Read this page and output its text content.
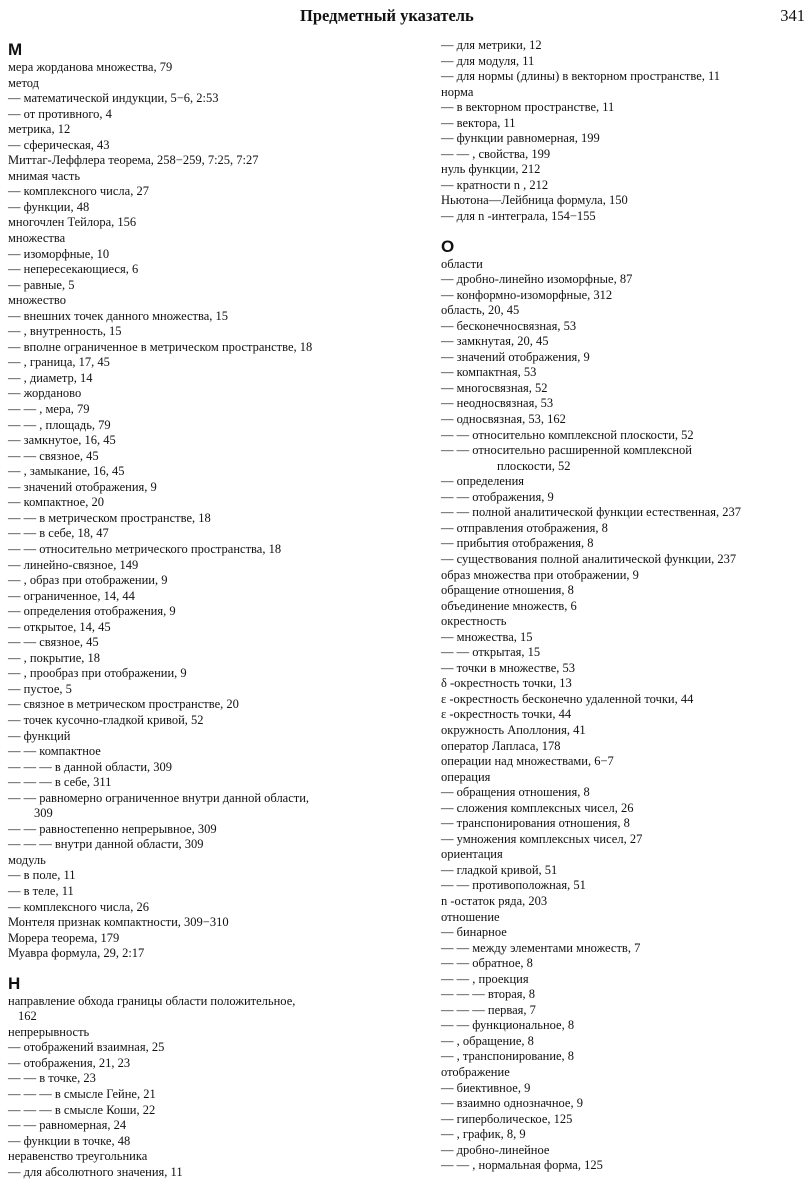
Предметный указатель	341
М
мера жорданова множества, 79
метод
— математической индукции, 5−6, 2:53
— от противного, 4
метрика, 12
— сферическая, 43
Миттаг-Леффлера теорема, 258−259, 7:25, 7:27
мнимая часть
— комплексного числа, 27
— функции, 48
многочлен Тейлора, 156
множества
— изоморфные, 10
— непересекающиеся, 6
— равные, 5
множество
— внешних точек данного множества, 15
— , внутренность, 15
— вполне ограниченное в метрическом пространстве, 18
— , граница, 17, 45
— , диаметр, 14
— жорданово
— — , мера, 79
— — , площадь, 79
— замкнутое, 16, 45
— — связное, 45
— , замыкание, 16, 45
— значений отображения, 9
— компактное, 20
— — в метрическом пространстве, 18
— — в себе, 18, 47
— — относительно метрического пространства, 18
— линейно-связное, 149
— , образ при отображении, 9
— ограниченное, 14, 44
— определения отображения, 9
— открытое, 14, 45
— — связное, 45
— , покрытие, 18
— , прообраз при отображении, 9
— пустое, 5
— связное в метрическом пространстве, 20
— точек кусочно-гладкой кривой, 52
— функций
— — компактное
— — — в данной области, 309
— — — в себе, 311
— — равномерно ограниченное внутри данной области,
309
— — равностепенно непрерывное, 309
— — — внутри данной области, 309
модуль
— в поле, 11
— в теле, 11
— комплексного числа, 26
Монтеля признак компактности, 309−310
Морера теорема, 179
Муавра формула, 29, 2:17
Н
направление обхода границы области положительное,
162
непрерывность
— отображений взаимная, 25
— отображения, 21, 23
— — в точке, 23
— — — в смысле Гейне, 21
— — — в смысле Коши, 22
— — равномерная, 24
— функции в точке, 48
неравенство треугольника
— для абсолютного значения, 11
— для метрики, 12
— для модуля, 11
— для нормы (длины) в векторном пространстве, 11
норма
— в векторном пространстве, 11
— вектора, 11
— функции равномерная, 199
— — , свойства, 199
нуль функции, 212
— кратности n , 212
Ньютона—Лейбница формула, 150
— для n -интеграла, 154−155
О
области
— дробно-линейно изоморфные, 87
— конформно-изоморфные, 312
область, 20, 45
— бесконечносвязная, 53
— замкнутая, 20, 45
— значений отображения, 9
— компактная, 53
— многосвязная, 52
— неодносвязная, 53
— односвязная, 53, 162
— — относительно комплексной плоскости, 52
— — относительно расширенной комплексной
плоскости, 52
— определения
— — отображения, 9
— — полной аналитической функции естественная, 237
— отправления отображения, 8
— прибытия отображения, 8
— существования полной аналитической функции, 237
образ множества при отображении, 9
обращение отношения, 8
объединение множеств, 6
окрестность
— множества, 15
— — открытая, 15
— точки в множестве, 53
δ -окрестность точки, 13
ε -окрестность бесконечно удаленной точки, 44
ε -окрестность точки, 44
окружность Аполлония, 41
оператор Лапласа, 178
операции над множествами, 6−7
операция
— обращения отношения, 8
— сложения комплексных чисел, 26
— транспонирования отношения, 8
— умножения комплексных чисел, 27
ориентация
— гладкой кривой, 51
— — противоположная, 51
n -остаток ряда, 203
отношение
— бинарное
— — между элементами множеств, 7
— — обратное, 8
— — , проекция
— — — вторая, 8
— — — первая, 7
— — функциональное, 8
— , обращение, 8
— , транспонирование, 8
отображение
— биективное, 9
— взаимно однозначное, 9
— гиперболическое, 125
— , график, 8, 9
— дробно-линейное
— — , нормальная форма, 125
